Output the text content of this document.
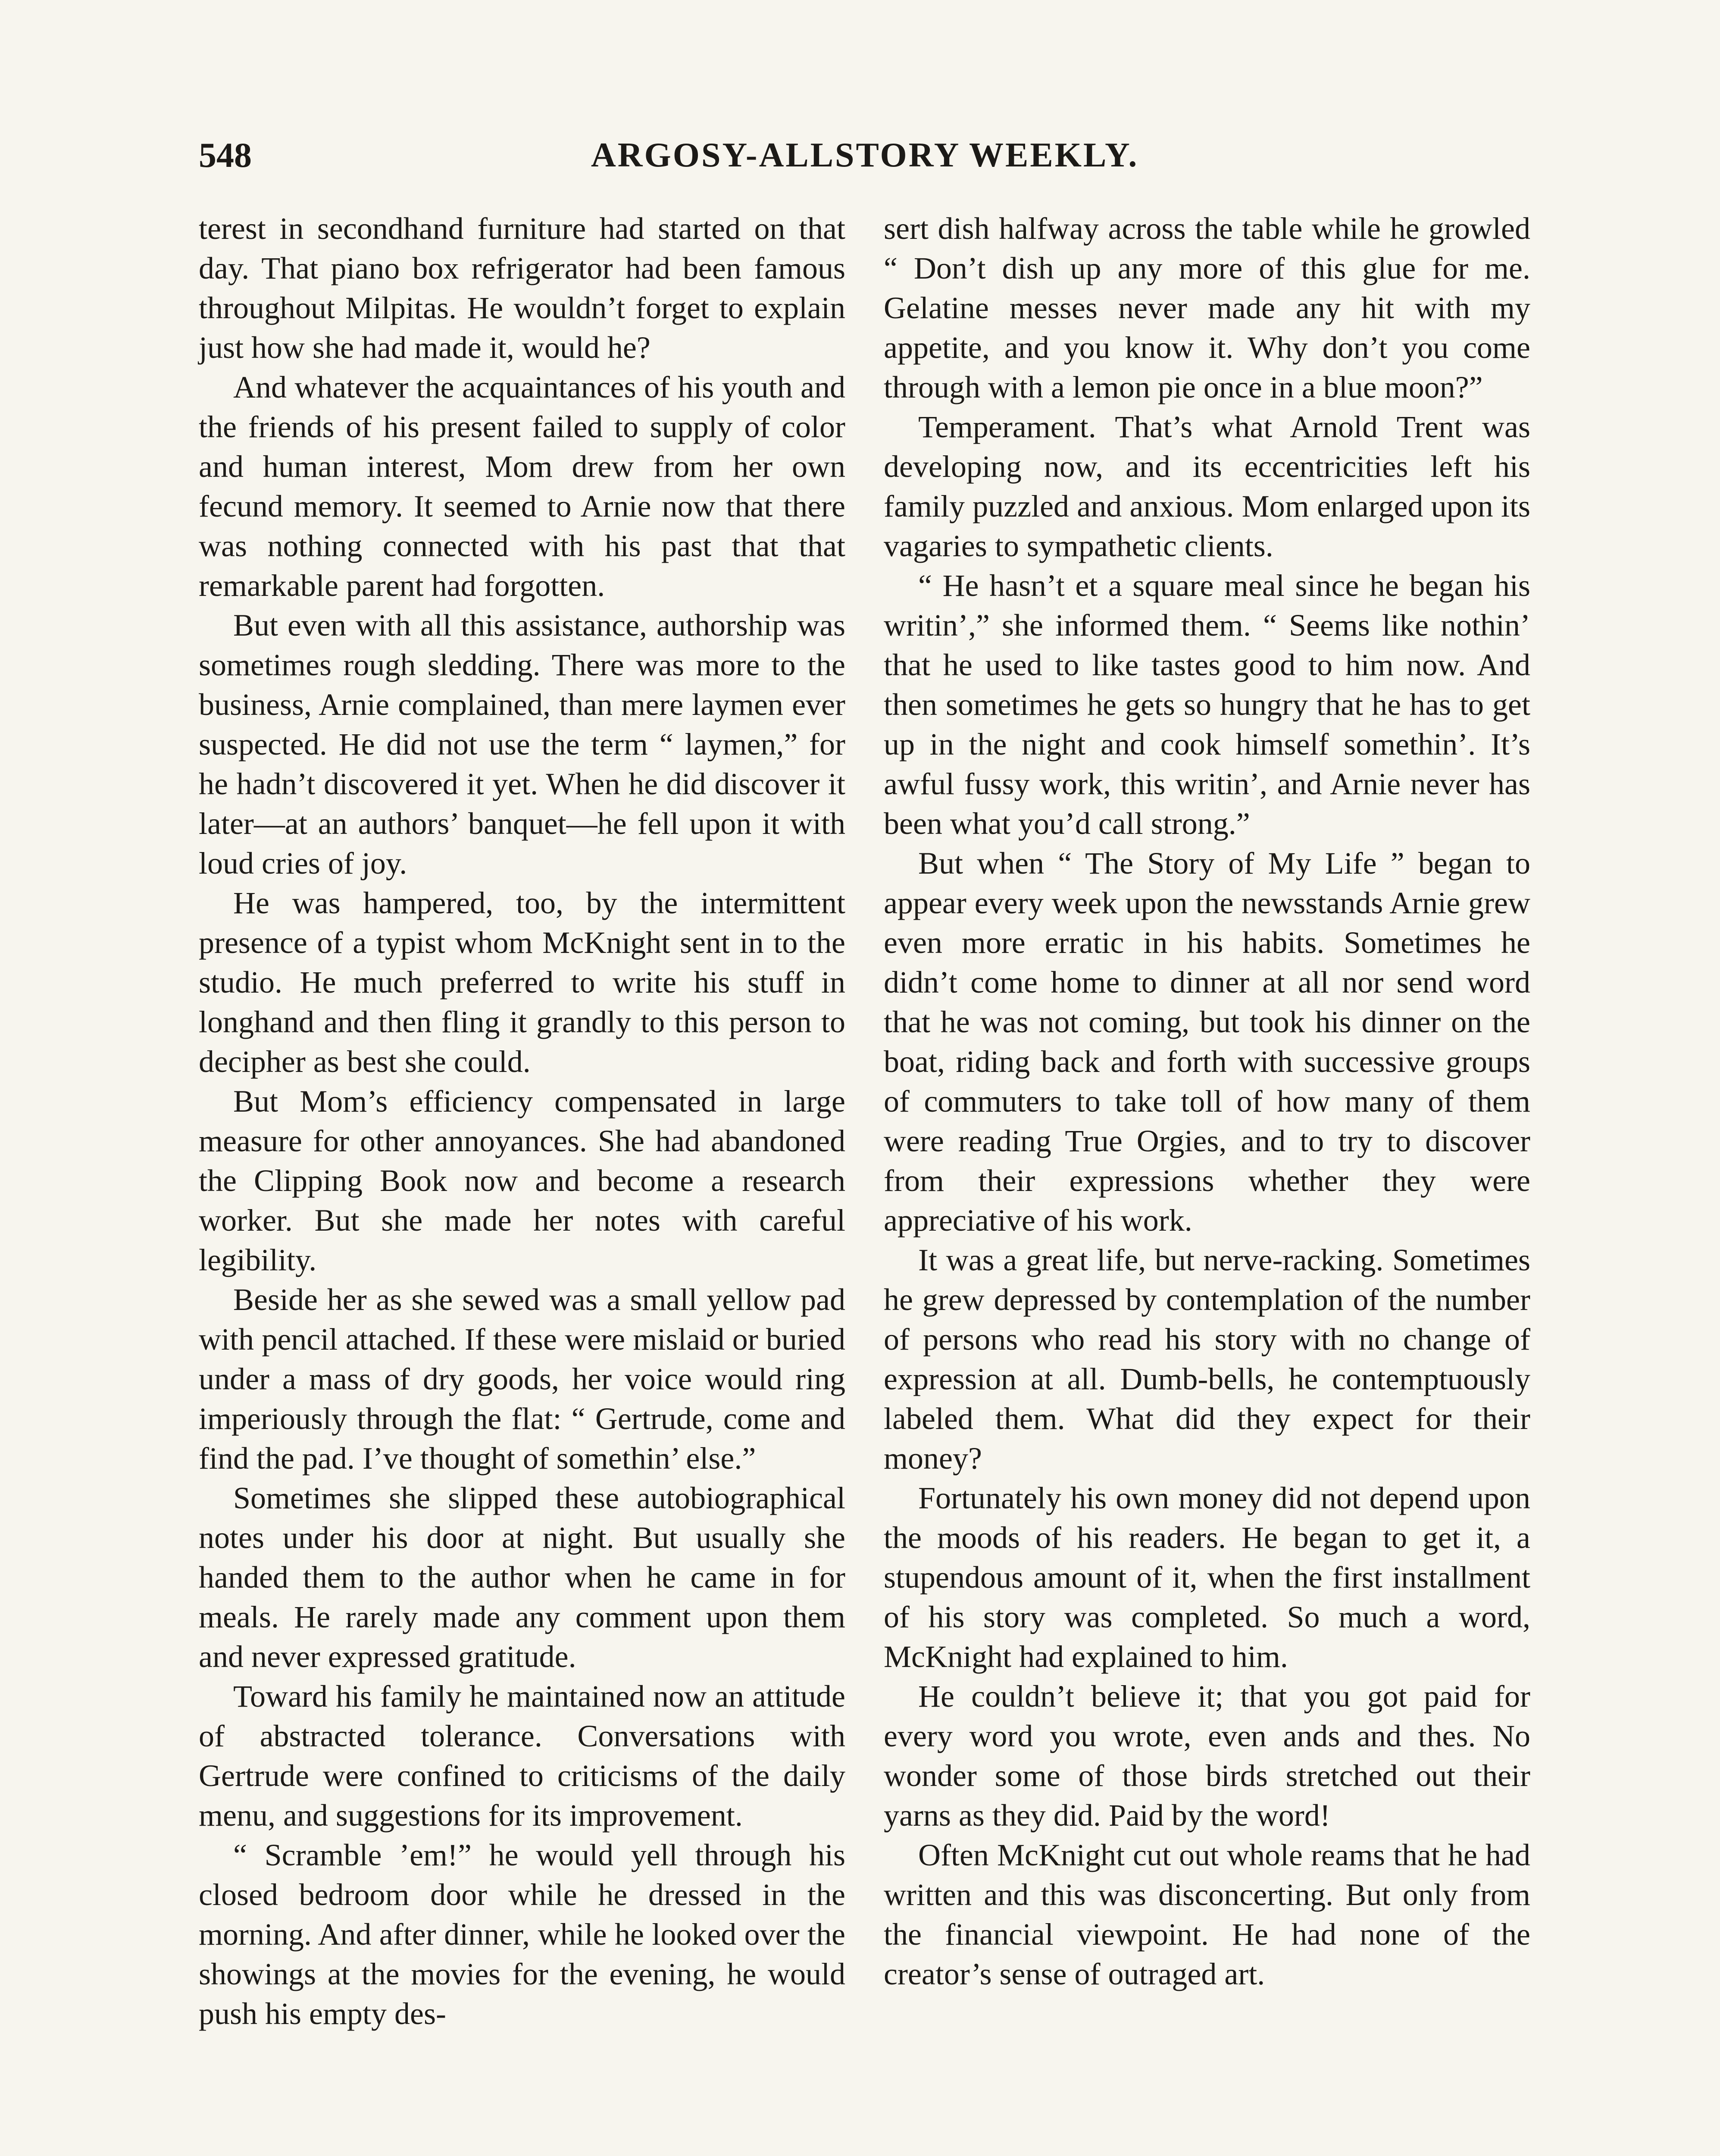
548	ARGOSY-ALLSTORY WEEKLY.

terest in secondhand furniture had started on that day. That piano box refrigerator had been famous throughout Milpitas. He wouldn’t forget to explain just how she had made it, would he?

And whatever the acquaintances of his youth and the friends of his present failed to supply of color and human interest, Mom drew from her own fecund memory. It seemed to Arnie now that there was nothing connected with his past that that remarkable parent had forgotten.

But even with all this assistance, authorship was sometimes rough sledding. There was more to the business, Arnie complained, than mere laymen ever suspected. He did not use the term “ laymen,” for he hadn’t discovered it yet. When he did discover it later—at an authors’ banquet—he fell upon it with loud cries of joy.

He was hampered, too, by the intermittent presence of a typist whom McKnight sent in to the studio. He much preferred to write his stuff in longhand and then fling it grandly to this person to decipher as best she could.

But Mom’s efficiency compensated in large measure for other annoyances. She had abandoned the Clipping Book now and become a research worker. But she made her notes with careful legibility.

Beside her as she sewed was a small yellow pad with pencil attached. If these were mislaid or buried under a mass of dry goods, her voice would ring imperiously through the flat: “ Gertrude, come and find the pad. I’ve thought of somethin’ else.”

Sometimes she slipped these autobiographical notes under his door at night. But usually she handed them to the author when he came in for meals. He rarely made any comment upon them and never expressed gratitude.

Toward his family he maintained now an attitude of abstracted tolerance. Conversations with Gertrude were confined to criticisms of the daily menu, and suggestions for its improvement.

“ Scramble ’em!” he would yell through his closed bedroom door while he dressed in the morning. And after dinner, while he looked over the showings at the movies for the evening, he would push his empty des-

sert dish halfway across the table while he growled “ Don’t dish up any more of this glue for me. Gelatine messes never made any hit with my appetite, and you know it. Why don’t you come through with a lemon pie once in a blue moon?”

Temperament. That’s what Arnold Trent was developing now, and its eccentricities left his family puzzled and anxious. Mom enlarged upon its vagaries to sympathetic clients.

“ He hasn’t et a square meal since he began his writin’,” she informed them. “ Seems like nothin’ that he used to like tastes good to him now. And then sometimes he gets so hungry that he has to get up in the night and cook himself somethin’. It’s awful fussy work, this writin’, and Arnie never has been what you’d call strong.”

But when “ The Story of My Life ” began to appear every week upon the newsstands Arnie grew even more erratic in his habits. Sometimes he didn’t come home to dinner at all nor send word that he was not coming, but took his dinner on the boat, riding back and forth with successive groups of commuters to take toll of how many of them were reading True Orgies, and to try to discover from their expressions whether they were appreciative of his work.

It was a great life, but nerve-racking. Sometimes he grew depressed by contemplation of the number of persons who read his story with no change of expression at all. Dumb-bells, he contemptuously labeled them. What did they expect for their money?

Fortunately his own money did not depend upon the moods of his readers. He began to get it, a stupendous amount of it, when the first installment of his story was completed. So much a word, McKnight had explained to him.

He couldn’t believe it; that you got paid for every word you wrote, even ands and thes. No wonder some of those birds stretched out their yarns as they did. Paid by the word!

Often McKnight cut out whole reams that he had written and this was disconcerting. But only from the financial viewpoint. He had none of the creator’s sense of outraged art.
